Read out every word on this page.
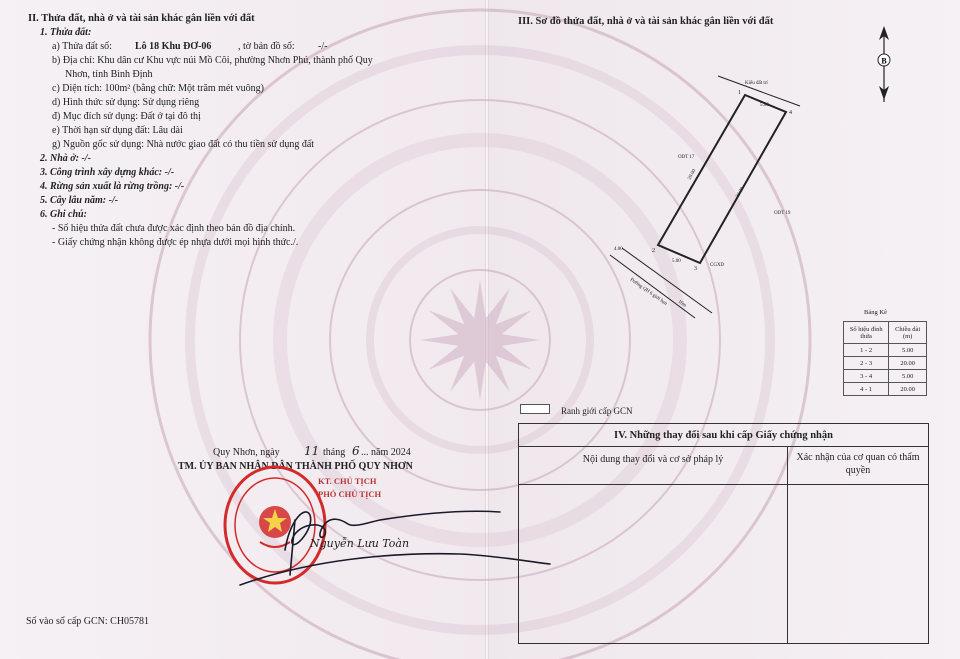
II. Thửa đất, nhà ở và tài sản khác gắn liền với đất
1. Thửa đất:
a) Thửa đất số: Lô 18 Khu ĐƠ-06	, tờ bản đồ số: -/-
b) Địa chỉ: Khu dân cư Khu vực núi Mồ Côi, phường Nhơn Phú, thành phố Quy
Nhơn, tỉnh Bình Định
c) Diện tích: 100m² (bằng chữ: Một trăm mét vuông)
d) Hình thức sử dụng: Sử dụng riêng
đ) Mục đích sử dụng: Đất ở tại đô thị
e) Thời hạn sử dụng đất: Lâu dài
g) Nguồn gốc sử dụng: Nhà nước giao đất có thu tiền sử dụng đất
2. Nhà ở: -/-
3. Công trình xây dựng khác: -/-
4. Rừng sản xuất là rừng trồng: -/-
5. Cây lâu năm: -/-
6. Ghi chú:
- Số hiệu thửa đất chưa được xác định theo bản đồ địa chính.
- Giấy chứng nhận không được ép nhựa dưới mọi hình thức./.
Quy Nhơn, ngày 11 tháng 6 ... năm 2024
TM. ỦY BAN NHÂN DÂN THÀNH PHỐ QUY NHƠN
KT. CHỦ TỊCH
PHÓ CHỦ TỊCH
Nguyễn Lưu Toàn
Số vào sổ cấp GCN: CH05781
III. Sơ đồ thửa đất, nhà ở và tài sản khác gắn liền với đất
B
Kiểu đất trí
1
4
2
3
5.00
20.00
20.00
5.00
4.00
CGXD
Đường QH 6 giới hạn 16m
ODT 17
ODT 19
Bảng Kê
Số hiệu đỉnh thửa	Chiều dài (m)
1 - 2	5.00
2 - 3	20.00
3 - 4	5.00
4 - 1	20.00
Ranh giới cấp GCN
IV. Những thay đổi sau khi cấp Giấy chứng nhận
Nội dung thay đổi và cơ sở pháp lý	Xác nhận của cơ quan có thẩm quyền
